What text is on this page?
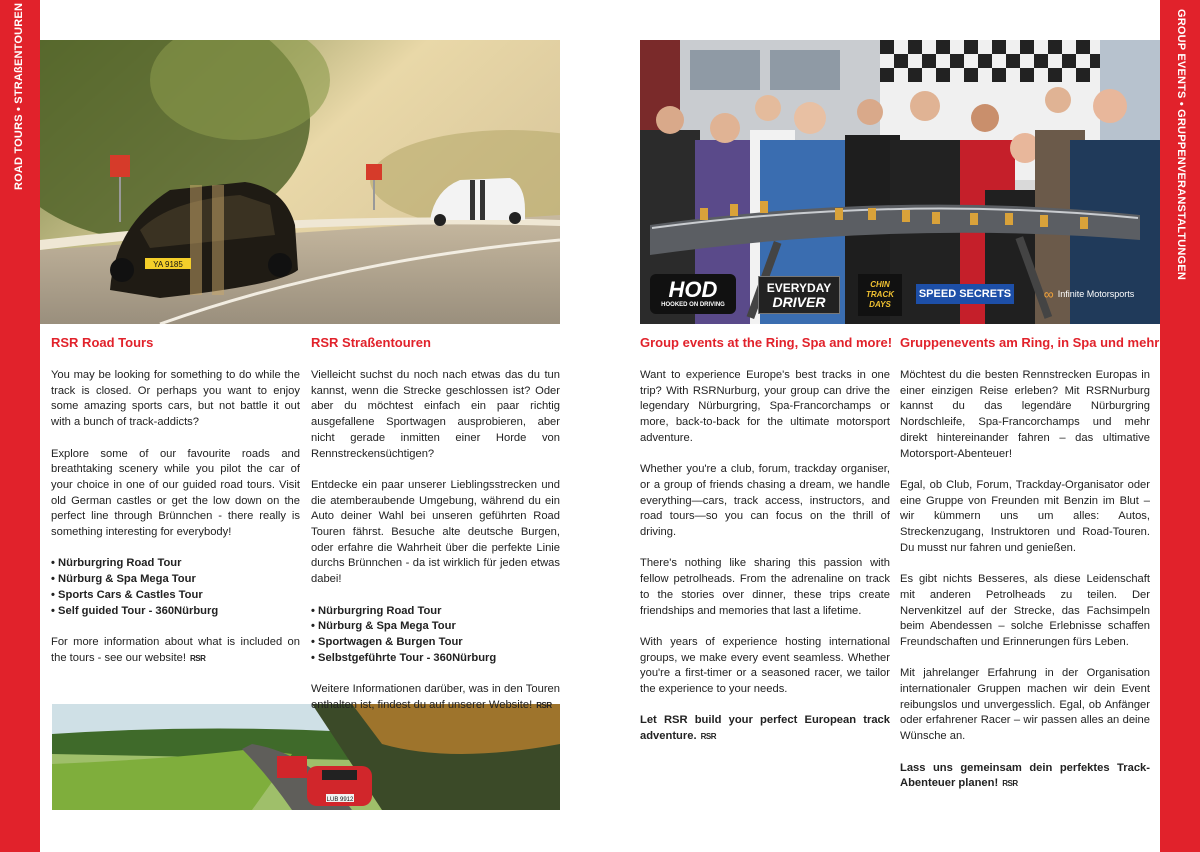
ROAD TOURS • STRAßENTOUREN	GROUP EVENTS • GRUPPENVERANSTALTUNGEN
YA 9185
LUB 9912
HOD
HOOKED ON DRIVING
EVERYDAY
DRIVER
CHIN
TRACK
DAYS
SPEED SECRETS ∞ Infinite Motorsports
RSR Road Tours

You may be looking for something to do while the track is closed. Or perhaps you want to enjoy some amazing sports cars, but not battle it out with a bunch of track-addicts?

Explore some of our favourite roads and breathtaking scenery while you pilot the car of your choice in one of our guided road tours. Visit old German castles or get the low down on the perfect line through Brünnchen - there really is something interesting for everybody!

• Nürburgring Road Tour
• Nürburg & Spa Mega Tour
• Sports Cars & Castles Tour
• Self guided Tour - 360Nürburg

For more information about what is included on the tours - see our website! RSR

RSR Straßentouren

Vielleicht suchst du noch nach etwas das du tun kannst, wenn die Strecke geschlossen ist? Oder aber du möchtest einfach ein paar richtig ausgefallene Sportwagen ausprobieren, aber nicht gerade inmitten einer Horde von Rennstreckensüchtigen?

Entdecke ein paar unserer Lieblingsstrecken und die atemberaubende Umgebung, während du ein Auto deiner Wahl bei unseren geführten Road Touren fährst. Besuche alte deutsche Burgen, oder erfahre die Wahrheit über die perfekte Linie durchs Brünnchen - da ist wirklich für jeden etwas dabei!

• Nürburgring Road Tour
• Nürburg & Spa Mega Tour
• Sportwagen & Burgen Tour
• Selbstgeführte Tour - 360Nürburg

Weitere Informationen darüber, was in den Touren enthalten ist, findest du auf unserer Website! RSR

Group events at the Ring, Spa and more!

Want to experience Europe's best tracks in one trip? With RSRNurburg, your group can drive the legendary Nürburgring, Spa-Francorchamps or more, back-to-back for the ultimate motorsport adventure.

Whether you're a club, forum, trackday organiser, or a group of friends chasing a dream, we handle everything—cars, track access, instructors, and road tours—so you can focus on the thrill of driving.

There's nothing like sharing this passion with fellow petrolheads. From the adrenaline on track to the stories over dinner, these trips create friendships and memories that last a lifetime.

With years of experience hosting international groups, we make every event seamless. Whether you're a first-timer or a seasoned racer, we tailor the experience to your needs.

Let RSR build your perfect European track adventure. RSR

Gruppenevents am Ring, in Spa und mehr!

Möchtest du die besten Rennstrecken Europas in einer einzigen Reise erleben? Mit RSRNurburg kannst du das legendäre Nürburgring Nordschleife, Spa-Francorchamps und mehr direkt hintereinander fahren – das ultimative Motorsport-Abenteuer!

Egal, ob Club, Forum, Trackday-Organisator oder eine Gruppe von Freunden mit Benzin im Blut – wir kümmern uns um alles: Autos, Streckenzugang, Instruktoren und Road-Touren. Du musst nur fahren und genießen.

Es gibt nichts Besseres, als diese Leidenschaft mit anderen Petrolheads zu teilen. Der Nervenkitzel auf der Strecke, das Fachsimpeln beim Abendessen – solche Erlebnisse schaffen Freundschaften und Erinnerungen fürs Leben.

Mit jahrelanger Erfahrung in der Organisation internationaler Gruppen machen wir dein Event reibungslos und unvergesslich. Egal, ob Anfänger oder erfahrener Racer – wir passen alles an deine Wünsche an.

Lass uns gemeinsam dein perfektes Track-Abenteuer planen! RSR
